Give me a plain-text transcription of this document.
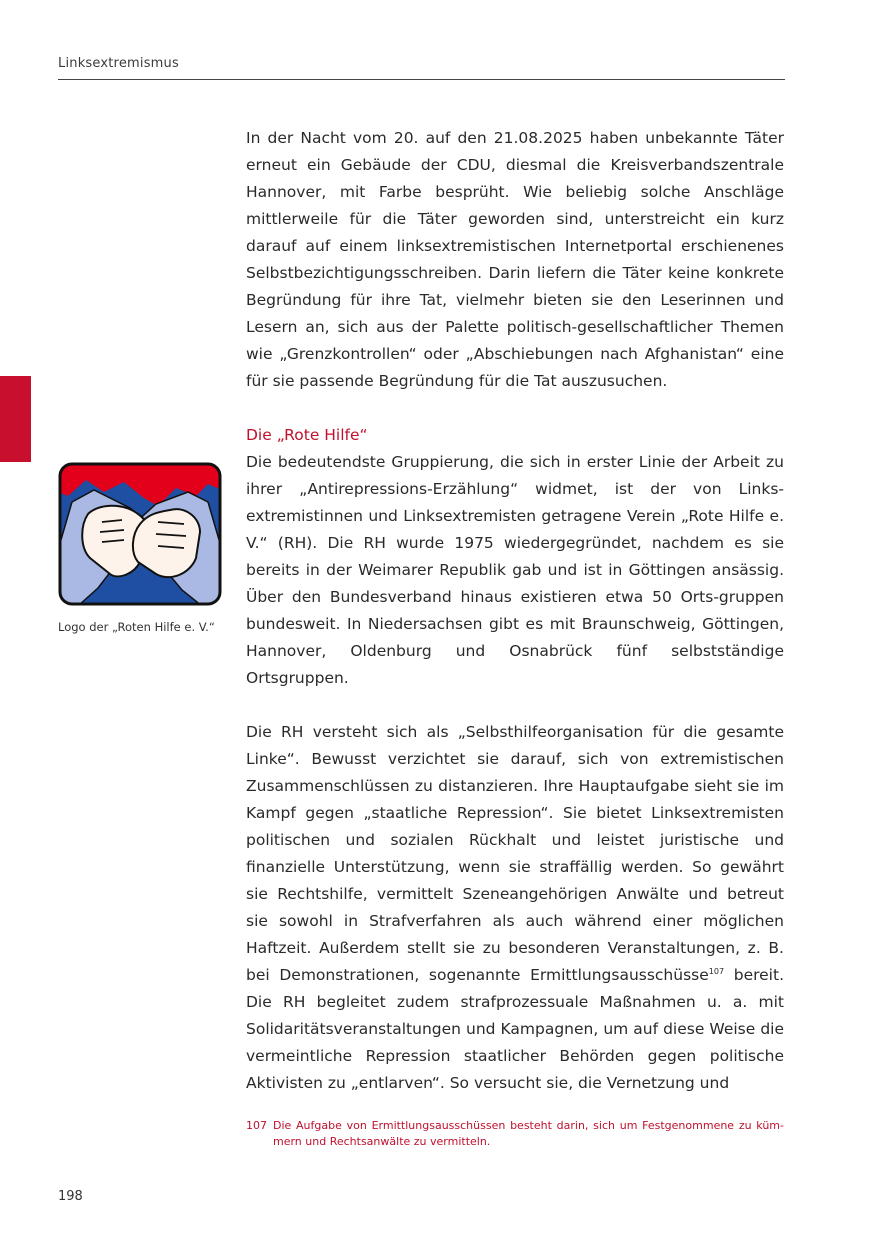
Linksextremismus

In der Nacht vom 20. auf den 21.08.2025 haben unbekannte Täter erneut ein Gebäude der CDU, diesmal die Kreisverbandszentrale Hannover, mit Farbe besprüht. Wie beliebig solche Anschläge mittlerweile für die Täter geworden sind, unterstreicht ein kurz darauf auf einem linksextremistischen Internetportal erschienenes Selbstbezichtigungsschreiben. Darin liefern die Täter keine konkrete Begründung für ihre Tat, vielmehr bieten sie den Leserinnen und Lesern an, sich aus der Palette politisch-gesellschaftlicher Themen wie „Grenzkontrollen“ oder „Abschiebungen nach Afghanistan“ eine für sie passende Begründung für die Tat auszusuchen.

Die „Rote Hilfe“

Die bedeutendste Gruppierung, die sich in erster Linie der Arbeit zu ihrer „Antirepressions-Erzählung“ widmet, ist der von Links-extremistinnen und Linksextremisten getragene Verein „Rote Hilfe e. V.“ (RH). Die RH wurde 1975 wiedergegründet, nachdem es sie bereits in der Weimarer Republik gab und ist in Göttingen ansässig. Über den Bundesverband hinaus existieren etwa 50 Orts-gruppen bundesweit. In Niedersachsen gibt es mit Braunschweig, Göttingen, Hannover, Oldenburg und Osnabrück fünf selbstständige Ortsgruppen.

Die RH versteht sich als „Selbsthilfeorganisation für die gesamte Linke“. Bewusst verzichtet sie darauf, sich von extremistischen Zusammenschlüssen zu distanzieren. Ihre Hauptaufgabe sieht sie im Kampf gegen „staatliche Repression“. Sie bietet Linksextremisten politischen und sozialen Rückhalt und leistet juristische und finanzielle Unterstützung, wenn sie straffällig werden. So gewährt sie Rechtshilfe, vermittelt Szeneangehörigen Anwälte und betreut sie sowohl in Strafverfahren als auch während einer möglichen Haftzeit. Außerdem stellt sie zu besonderen Veranstaltungen, z. B. bei Demonstrationen, sogenannte Ermittlungsausschüsse$^{107}$ bereit. Die RH begleitet zudem strafprozessuale Maßnahmen u. a. mit Solidaritätsveranstaltungen und Kampagnen, um auf diese Weise die vermeintliche Repression staatlicher Behörden gegen politische Aktivisten zu „entlarven“. So versucht sie, die Vernetzung und

Logo der „Roten Hilfe e. V.“
107 Die Aufgabe von Ermittlungsausschüssen besteht darin, sich um Festgenommene zu küm-mern und Rechtsanwälte zu vermitteln.
198
